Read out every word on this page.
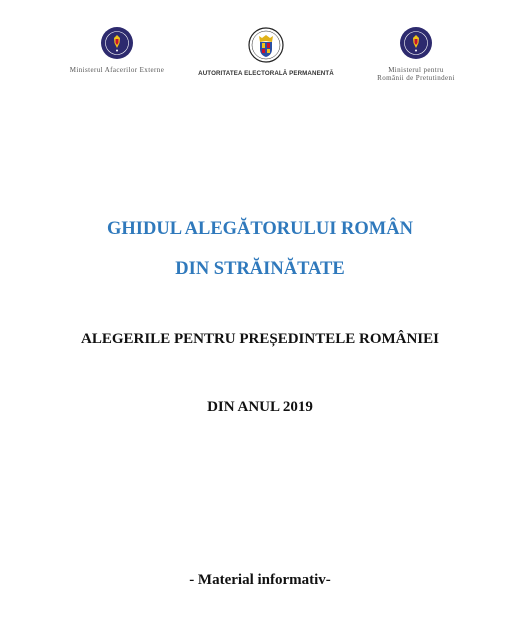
Ministerul Afacerilor Externe	AUTORITATEA ELECTORALĂ PERMANENTĂ	Ministerul pentru
Românii de Pretutindeni
GHIDUL ALEGĂTORULUI ROMÂN
DIN STRĂINĂTATE
ALEGERILE PENTRU PREȘEDINTELE ROMÂNIEI
DIN ANUL 2019
- Material informativ-
